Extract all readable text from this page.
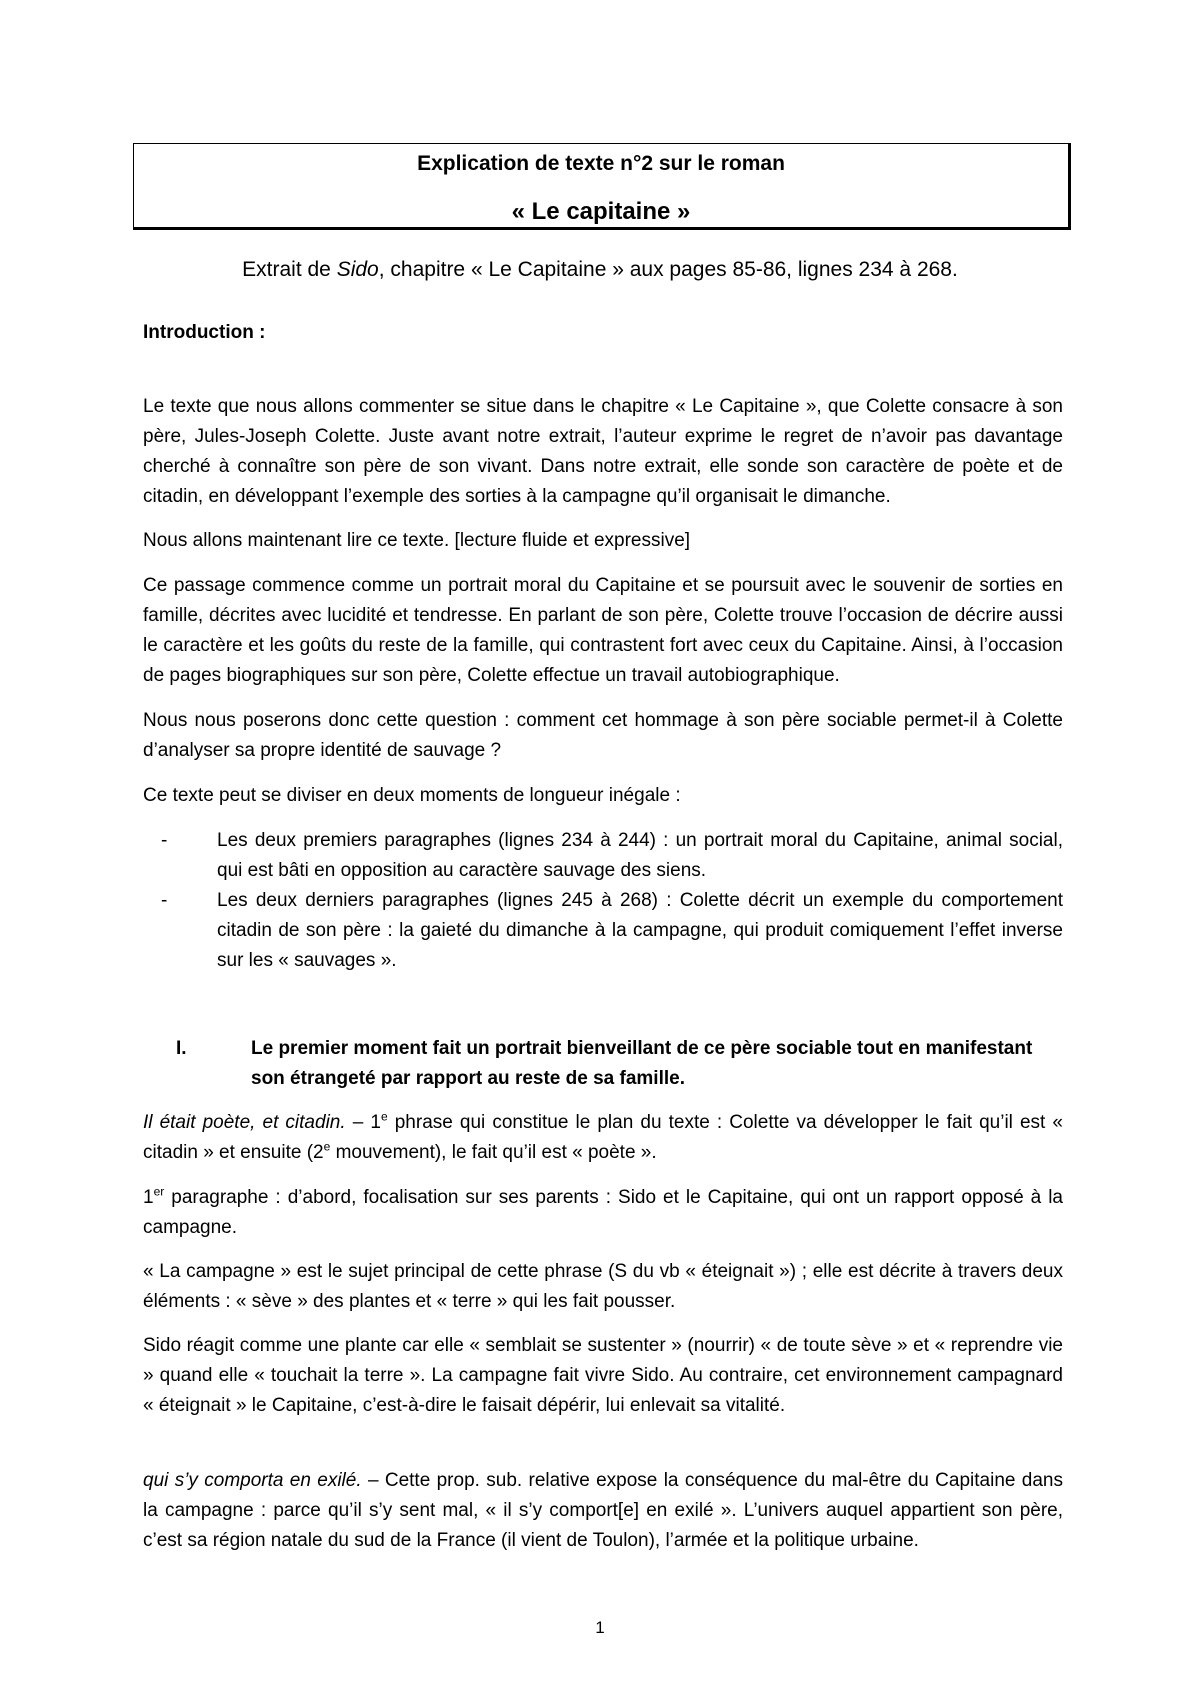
Explication de texte n°2 sur le roman
« Le capitaine »
Extrait de Sido, chapitre « Le Capitaine » aux pages 85-86, lignes 234 à 268.
Introduction :
Le texte que nous allons commenter se situe dans le chapitre « Le Capitaine », que Colette consacre à son père, Jules-Joseph Colette. Juste avant notre extrait, l’auteur exprime le regret de n’avoir pas davantage cherché à connaître son père de son vivant. Dans notre extrait, elle sonde son caractère de poète et de citadin, en développant l’exemple des sorties à la campagne qu’il organisait le dimanche.
Nous allons maintenant lire ce texte. [lecture fluide et expressive]
Ce passage commence comme un portrait moral du Capitaine et se poursuit avec le souvenir de sorties en famille, décrites avec lucidité et tendresse. En parlant de son père, Colette trouve l’occasion de décrire aussi le caractère et les goûts du reste de la famille, qui contrastent fort avec ceux du Capitaine. Ainsi, à l’occasion de pages biographiques sur son père, Colette effectue un travail autobiographique.
Nous nous poserons donc cette question : comment cet hommage à son père sociable permet-il à Colette d’analyser sa propre identité de sauvage ?
Ce texte peut se diviser en deux moments de longueur inégale :
-	Les deux premiers paragraphes (lignes 234 à 244) : un portrait moral du Capitaine, animal social, qui est bâti en opposition au caractère sauvage des siens.
-	Les deux derniers paragraphes (lignes 245 à 268) : Colette décrit un exemple du comportement citadin de son père : la gaieté du dimanche à la campagne, qui produit comiquement l’effet inverse sur les « sauvages ».
I.	Le premier moment fait un portrait bienveillant de ce père sociable tout en manifestant son étrangeté par rapport au reste de sa famille.
Il était poète, et citadin. – 1e phrase qui constitue le plan du texte : Colette va développer le fait qu’il est « citadin » et ensuite (2e mouvement), le fait qu’il est « poète ».
1er paragraphe : d’abord, focalisation sur ses parents : Sido et le Capitaine, qui ont un rapport opposé à la campagne.
« La campagne » est le sujet principal de cette phrase (S du vb « éteignait ») ; elle est décrite à travers deux éléments : « sève » des plantes et « terre » qui les fait pousser.
Sido réagit comme une plante car elle « semblait se sustenter » (nourrir) « de toute sève » et « reprendre vie » quand elle « touchait la terre ». La campagne fait vivre Sido. Au contraire, cet environnement campagnard « éteignait » le Capitaine, c’est-à-dire le faisait dépérir, lui enlevait sa vitalité.
qui s’y comporta en exilé. – Cette prop. sub. relative expose la conséquence du mal-être du Capitaine dans la campagne : parce qu’il s’y sent mal, « il s’y comport[e] en exilé ». L’univers auquel appartient son père, c’est sa région natale du sud de la France (il vient de Toulon), l’armée et la politique urbaine.
1
